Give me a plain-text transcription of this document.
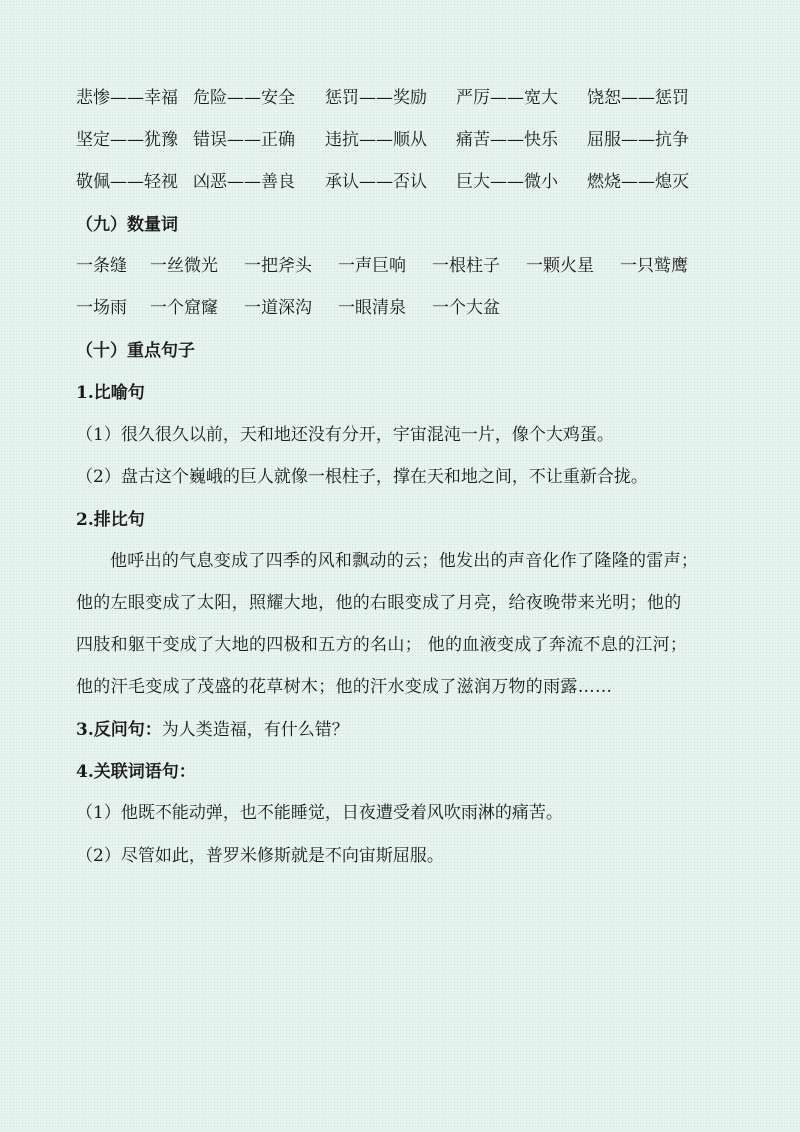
悲惨——幸福 危险——安全 惩罚——奖励 严厉——宽大 饶恕——惩罚
坚定——犹豫 错误——正确 违抗——顺从 痛苦——快乐 屈服——抗争
敬佩——轻视 凶恶——善良 承认——否认 巨大——微小 燃烧——熄灭
（九）数量词
一条缝 一丝微光 一把斧头 一声巨响 一根柱子 一颗火星 一只鹫鹰
一场雨 一个窟窿 一道深沟 一眼清泉 一个大盆
（十）重点句子
1.比喻句
（1）很久很久以前，天和地还没有分开，宇宙混沌一片，像个大鸡蛋。
（2）盘古这个巍峨的巨人就像一根柱子，撑在天和地之间，不让重新合拢。
2.排比句
他呼出的气息变成了四季的风和飘动的云；他发出的声音化作了隆隆的雷声；
他的左眼变成了太阳，照耀大地，他的右眼变成了月亮，给夜晚带来光明；他的
四肢和躯干变成了大地的四极和五方的名山； 他的血液变成了奔流不息的江河；
他的汗毛变成了茂盛的花草树木；他的汗水变成了滋润万物的雨露……
3.反问句：为人类造福，有什么错？
4.关联词语句：
（1）他既不能动弹，也不能睡觉，日夜遭受着风吹雨淋的痛苦。
（2）尽管如此，普罗米修斯就是不向宙斯屈服。
